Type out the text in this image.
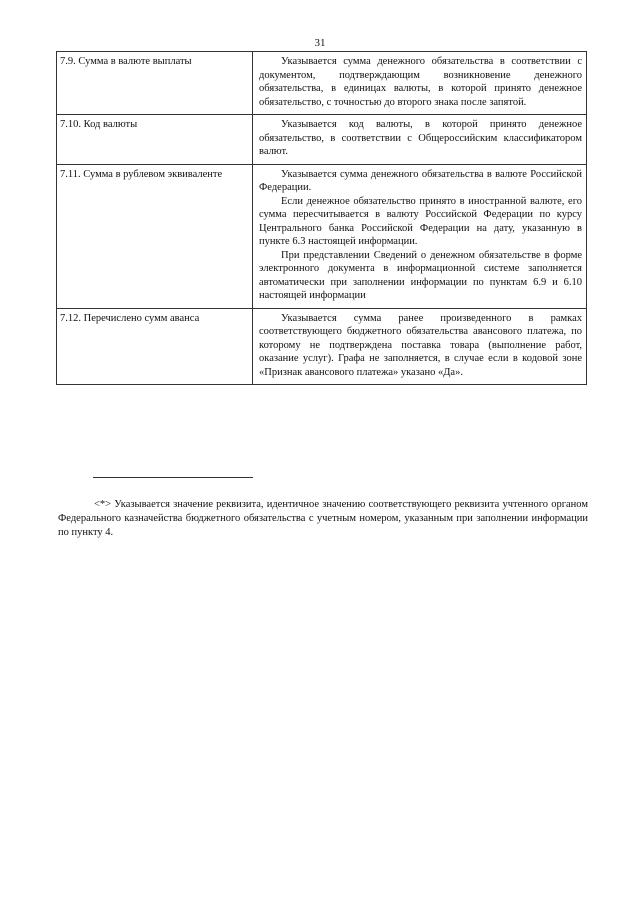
31
7.9. Сумма в валюте выплаты	Указывается сумма денежного обязательства в соответствии с документом, подтверждающим возникновение денежного обязательства, в единицах валюты, в которой принято денежное обязательство, с точностью до второго знака после запятой.

7.10. Код валюты	Указывается код валюты, в которой принято денежное обязательство, в соответствии с Общероссийским классификатором валют.

7.11. Сумма в рублевом эквиваленте	Указывается сумма денежного обязательства в валюте Российской Федерации.

Если денежное обязательство принято в иностранной валюте, его сумма пересчитывается в валюту Российской Федерации по курсу Центрального банка Российской Федерации на дату, указанную в пункте 6.3 настоящей информации.

При представлении Сведений о денежном обязательстве в форме электронного документа в информационной системе заполняется автоматически при заполнении информации по пунктам 6.9 и 6.10 настоящей информации

7.12. Перечислено сумм аванса	Указывается сумма ранее произведенного в рамках соответствующего бюджетного обязательства авансового платежа, по которому не подтверждена поставка товара (выполнение работ, оказание услуг). Графа не заполняется, в случае если в кодовой зоне «Признак авансового платежа» указано «Да».

<*> Указывается значение реквизита, идентичное значению соответствующего реквизита учтенного органом Федерального казначейства бюджетного обязательства с учетным номером, указанным при заполнении информации по пункту 4.
